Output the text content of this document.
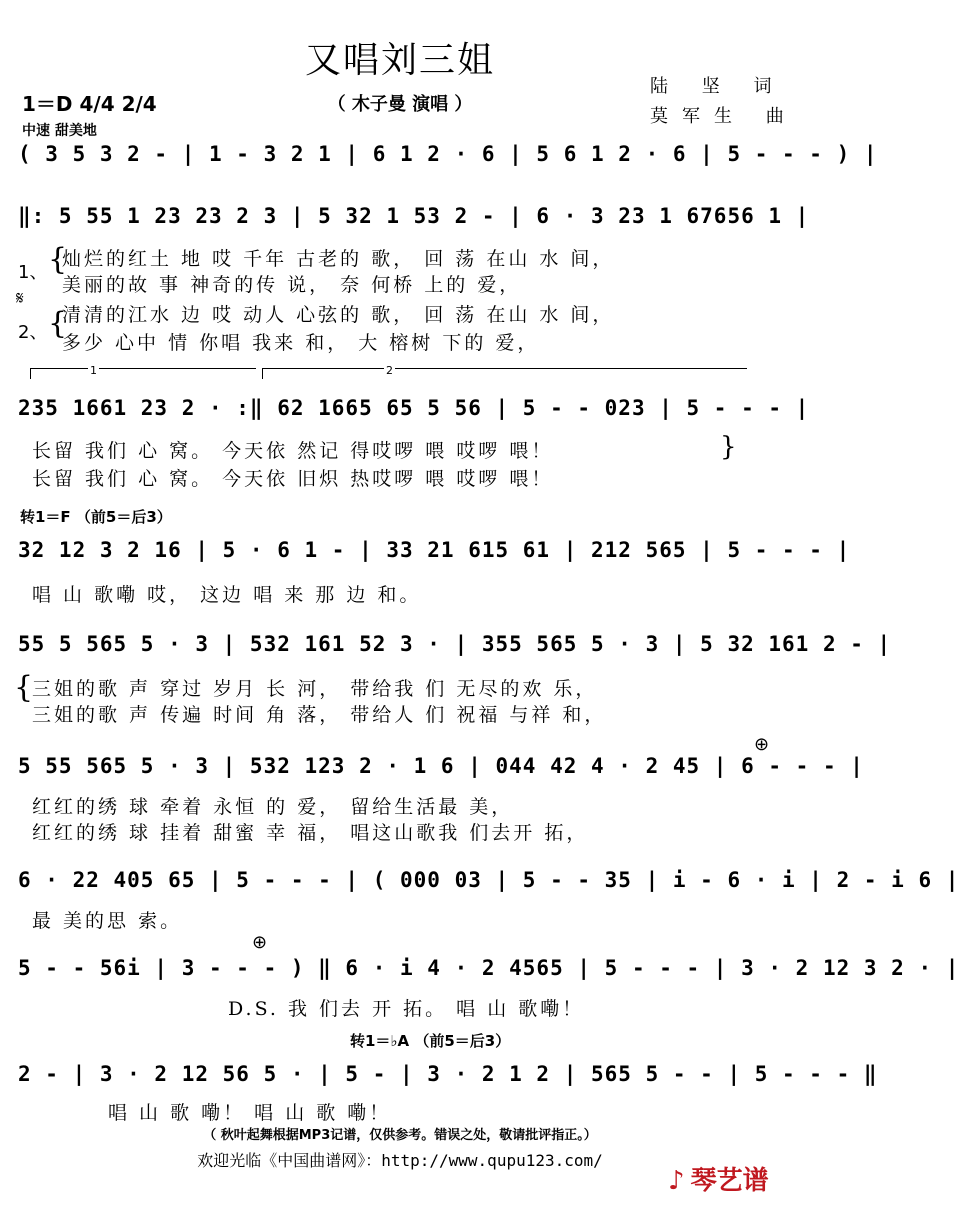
又唱刘三姐
（ 木子曼 演唱 ）
1＝D 4/4 2/4
中速 甜美地
陆 坚 词
莫军生 曲
( 3 5 3 2 - | 1 - 3 2 1 | 6 1 2 · 6 | 5 6 1 2 · 6 | 5 - - - ) |
‖: 5 55 1 23 23 2 3 | 5 32 1 53 2 - | 6 · 3 23 1 67656 1 |
1、
2、
𝄋
{
{
灿烂的红土 地 哎 千年 古老的 歌， 回 荡 在山 水 间，
美丽的故 事 神奇的传 说， 奈 何桥 上的 爱，
清清的江水 边 哎 动人 心弦的 歌， 回 荡 在山 水 间，
多少 心中 情 你唱 我来 和， 大 榕树 下的 爱，
1	2
235 1661 23 2 · :‖ 62 1665 65 5 56 | 5 - - 023 | 5 - - - |
长留 我们 心 窝。 今天依 然记 得哎啰 喂 哎啰 喂！
长留 我们 心 窝。 今天依 旧炽 热哎啰 喂 哎啰 喂！
}
转1＝F （前5＝后3）
32 12 3 2 16 | 5 · 6 1 - | 33 21 615 61 | 212 565 | 5 - - - |
唱 山 歌嘞 哎， 这边 唱 来 那 边 和。
55 5 565 5 · 3 | 532 161 52 3 · | 355 565 5 · 3 | 5 32 161 2 - |
{
三姐的歌 声 穿过 岁月 长 河， 带给我 们 无尽的欢 乐，
三姐的歌 声 传遍 时间 角 落， 带给人 们 祝福 与祥 和，
⊕
5 55 565 5 · 3 | 532 123 2 · 1 6 | 044 42 4 · 2 45 | 6 - - - |
红红的绣 球 牵着 永恒 的 爱， 留给生活最 美，
红红的绣 球 挂着 甜蜜 幸 福， 唱这山歌我 们去开 拓，
6 · 22 405 65 | 5 - - - | ( 000 03 | 5 - - 35 | i - 6 · i | 2 - i 6 |
最 美的思 索。
⊕
5 - - 56i | 3 - - - ) ‖ 6 · i 4 · 2 4565 | 5 - - - | 3 · 2 12 3 2 · |
D.S. 我 们去 开 拓。 唱 山 歌嘞！
转1＝♭A （前5＝后3）
2 - | 3 · 2 12 56 5 · | 5 - | 3 · 2 1 2 | 565 5 - - | 5 - - - ‖
唱 山 歌 嘞！ 唱 山 歌 嘞！
（ 秋叶起舞根据MP3记谱，仅供参考。错误之处，敬请批评指正。）
欢迎光临《中国曲谱网》：http://www.qupu123.com/
♪ 琴艺谱
